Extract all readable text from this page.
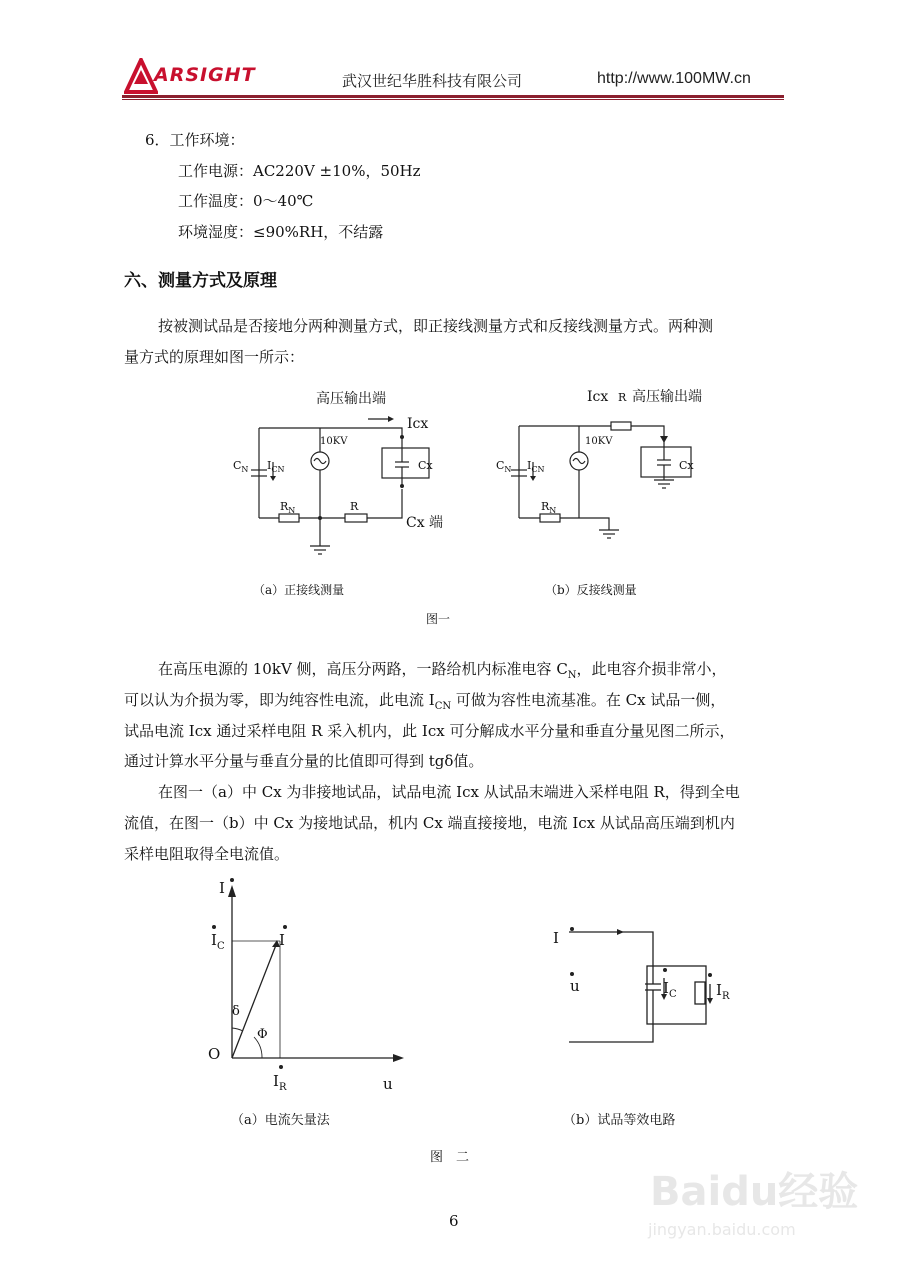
ARSIGHT	武汉世纪华胜科技有限公司	http://www.100MW.cn
6．工作环境：
工作电源：AC220V ±10%，50Hz
工作温度：0～40℃
环境湿度：≤90%RH，不结露
六、测量方式及原理
按被测试品是否接地分两种测量方式，即正接线测量方式和反接线测量方式。两种测
量方式的原理如图一所示：
高压输出端
Icx
10KV
$C_N$ $I_{CN}$	Cx
$R_N$	R
Cx 端
Icx R 高压输出端
10KV
$C_N$ $I_{CN}$	Cx
$R_N$
（a）正接线测量	（b）反接线测量
图一
在高压电源的 10kV 侧，高压分两路，一路给机内标准电容 $C_N$，此电容介损非常小，
可以认为介损为零，即为纯容性电流，此电流 $I_{CN}$ 可做为容性电流基准。在 Cx 试品一侧，
试品电流 Icx 通过采样电阻 R 采入机内，此 Icx 可分解成水平分量和垂直分量见图二所示，
通过计算水平分量与垂直分量的比值即可得到 tgδ值。
在图一（a）中 Cx 为非接地试品，试品电流 Icx 从试品末端进入采样电阻 R，得到全电
流值，在图一（b）中 Cx 为接地试品，机内 Cx 端直接接地，电流 Icx 从试品高压端到机内
采样电阻取得全电流值。
I
$I_C$	I
δ
Φ
O
$I_R$	u
I
u	$I_C$	$I_R$
（a）电流矢量法	（b）试品等效电路
图　二
6
Baidu经验
jingyan.baidu.com
